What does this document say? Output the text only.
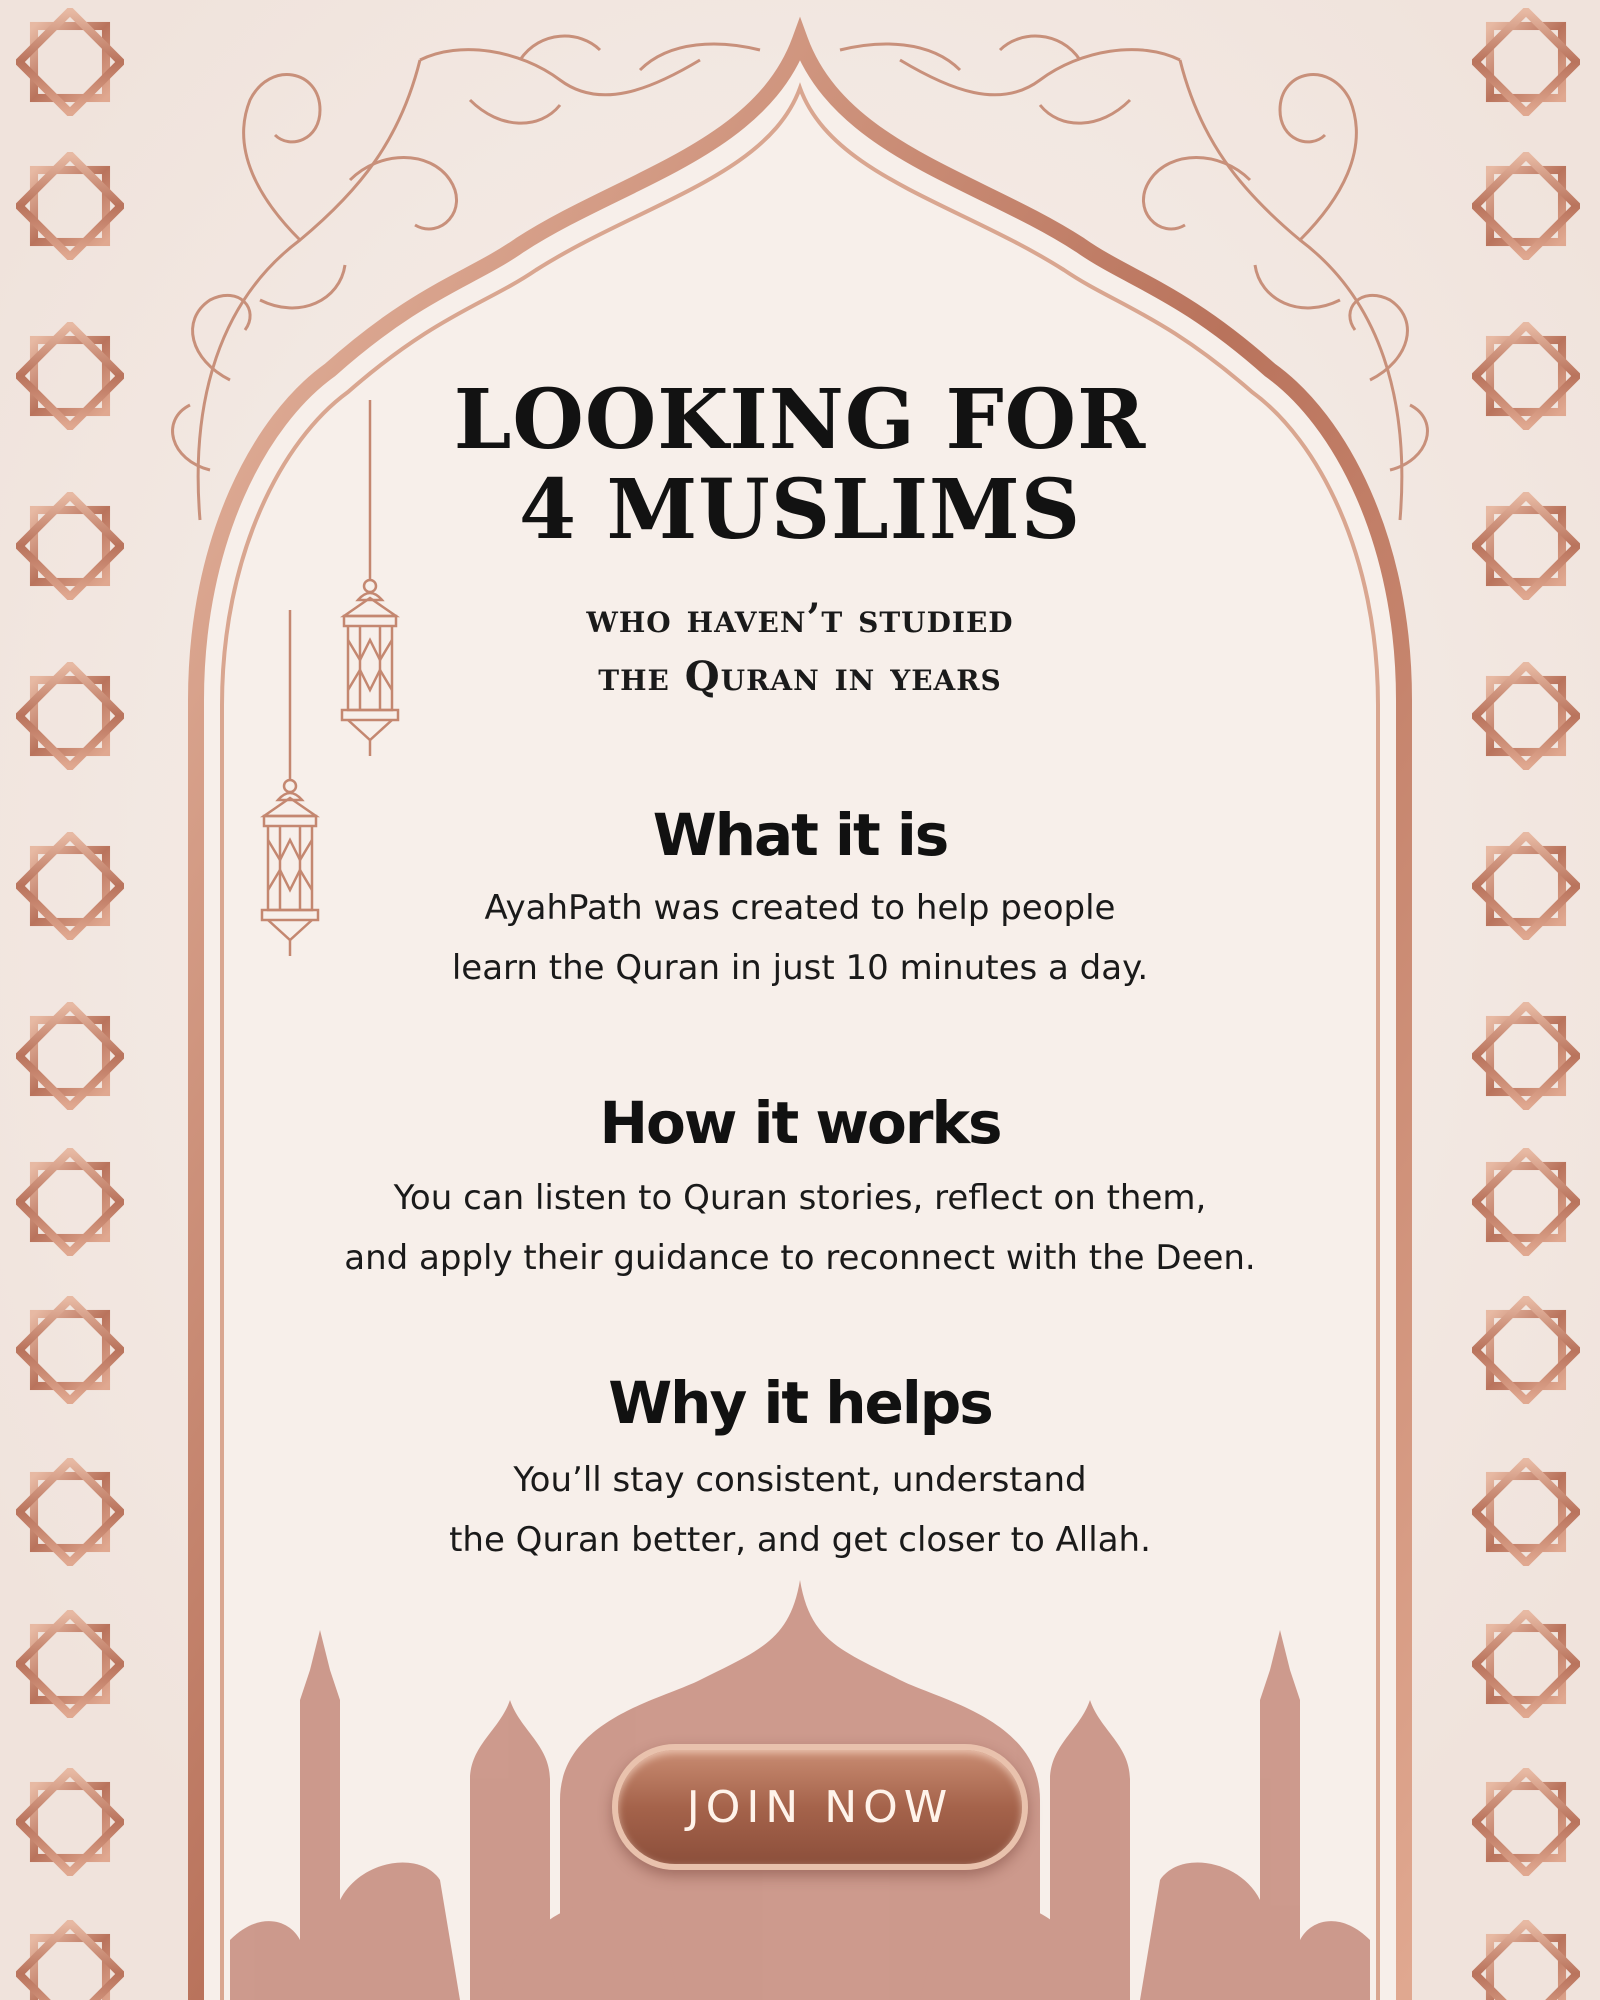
LOOKING FOR
4 MUSLIMS
who haven’t studied
the Quran in years
What it is

AyahPath was created to help people
learn the Quran in just 10 minutes a day.

How it works

You can listen to Quran stories, reflect on them,
and apply their guidance to reconnect with the Deen.

Why it helps

You’ll stay consistent, understand
the Quran better, and get closer to Allah.

JOIN NOW
